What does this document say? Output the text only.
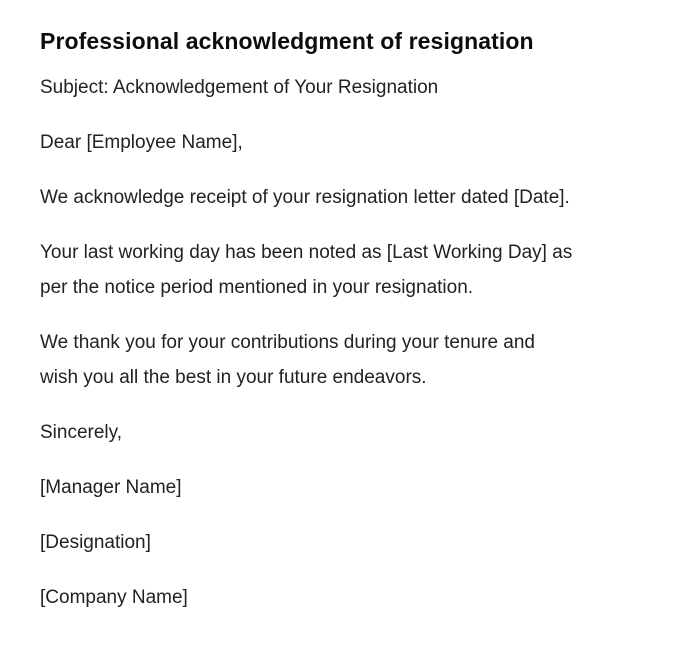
Professional acknowledgment of resignation

Subject: Acknowledgement of Your Resignation

Dear [Employee Name],

We acknowledge receipt of your resignation letter dated [Date].

Your last working day has been noted as [Last Working Day] as
per the notice period mentioned in your resignation.

We thank you for your contributions during your tenure and
wish you all the best in your future endeavors.

Sincerely,

[Manager Name]

[Designation]

[Company Name]
